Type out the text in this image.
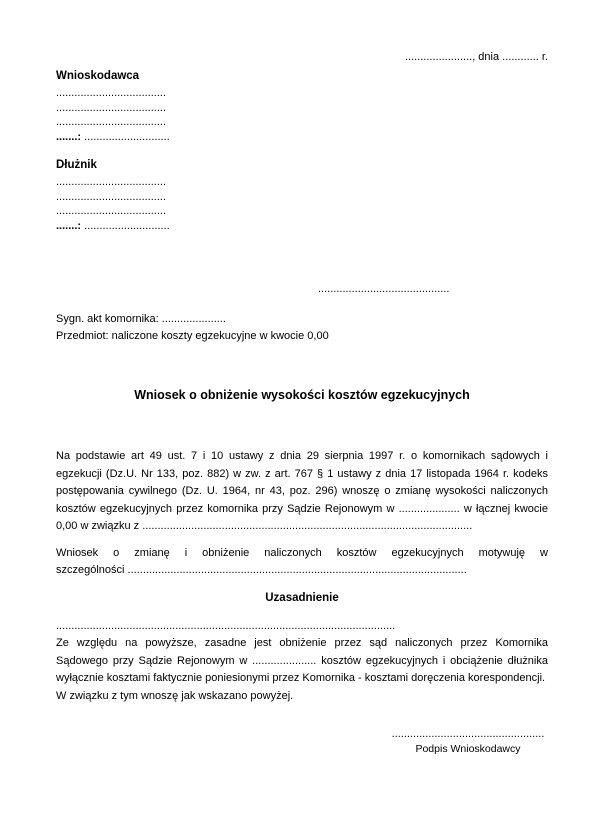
......................, dnia ............ r.
Wnioskodawca
....................................
....................................
....................................
.......: ............................
Dłużnik
....................................
....................................
....................................
.......: ............................
...........................................
Sygn. akt komornika: .....................
Przedmiot: naliczone koszty egzekucyjne w kwocie 0,00
Wniosek o obniżenie wysokości kosztów egzekucyjnych

Na podstawie art 49 ust. 7 i 10 ustawy z dnia 29 sierpnia 1997 r. o komornikach sądowych i egzekucji (Dz.U. Nr 133, poz. 882) w zw. z art. 767 § 1 ustawy z dnia 17 listopada 1964 r. kodeks postępowania cywilnego (Dz. U. 1964, nr 43, poz. 296) wnoszę o zmianę wysokości naliczonych kosztów egzekucyjnych przez komornika przy Sądzie Rejonowym w .................... w łącznej kwocie 0,00 w związku z ............................................................................................................

Wniosek o zmianę i obniżenie naliczonych kosztów egzekucyjnych motywuję w szczególności ...............................................................................................................

Uzasadnienie

...............................................................................................................

Ze względu na powyższe, zasadne jest obniżenie przez sąd naliczonych przez Komornika Sądowego przy Sądzie Rejonowym w ..................... kosztów egzekucyjnych i obciążenie dłużnika wyłącznie kosztami faktycznie poniesionymi przez Komornika - kosztami doręczenia korespondencji.

W związku z tym wnoszę jak wskazano powyżej.

..................................................
Podpis Wnioskodawcy
